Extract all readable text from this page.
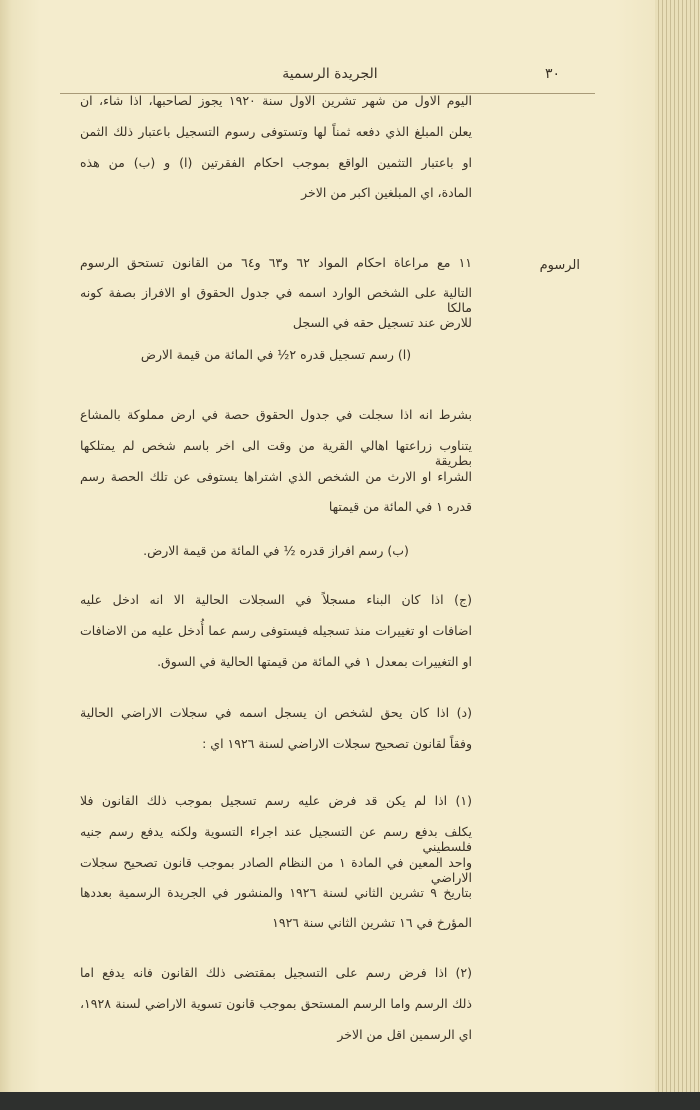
الجريدة الرسمية	٣٠
الرسوم
اليوم الاول من شهر تشرين الاول سنة ١٩٢٠ يجوز لصاحبها، اذا شاء، ان
يعلن المبلغ الذي دفعه ثمناً لها وتستوفى رسوم التسجيل باعتبار ذلك الثمن
او باعتبار التثمين الواقع بموجب احكام الفقرتين (ا) و (ب) من هذه
المادة، اي المبلغين اكبر من الاخر
١١ مع مراعاة احكام المواد ٦٢ و٦٣ و٦٤ من القانون تستحق الرسوم
التالية على الشخص الوارد اسمه في جدول الحقوق او الافراز بصفة كونه مالكا
للارض عند تسجيل حقه في السجل
(ا) رسم تسجيل قدره ٢½ في المائة من قيمة الارض
بشرط انه اذا سجلت في جدول الحقوق حصة في ارض مملوكة بالمشاع
يتناوب زراعتها اهالي القرية من وقت الى اخر باسم شخص لم يمتلكها بطريقة
الشراء او الارث من الشخص الذي اشتراها يستوفى عن تلك الحصة رسم
قدره ١ في المائة من قيمتها
(ب) رسم افراز قدره ½ في المائة من قيمة الارض.
(ج) اذا كان البناء مسجلاً في السجلات الحالية الا انه ادخل عليه
اضافات او تغييرات منذ تسجيله فيستوفى رسم عما أُدخل عليه من الاضافات
او التغييرات بمعدل ١ في المائة من قيمتها الحالية في السوق.
(د) اذا كان يحق لشخص ان يسجل اسمه في سجلات الاراضي الحالية
وفقاً لقانون تصحيح سجلات الاراضي لسنة ١٩٢٦ اي :
(١) اذا لم يكن قد فرض عليه رسم تسجيل بموجب ذلك القانون فلا
يكلف بدفع رسم عن التسجيل عند اجراء التسوية ولكنه يدفع رسم جنيه فلسطيني
واحد المعين في المادة ١ من النظام الصادر بموجب قانون تصحيح سجلات الاراضي
بتاريخ ٩ تشرين الثاني لسنة ١٩٢٦ والمنشور في الجريدة الرسمية بعددها
المؤرخ في ١٦ تشرين الثاني سنة ١٩٢٦
(٢) اذا فرض رسم على التسجيل بمقتضى ذلك القانون فانه يدفع اما
ذلك الرسم واما الرسم المستحق بموجب قانون تسوية الاراضي لسنة ١٩٢٨،
اي الرسمين اقل من الاخر
